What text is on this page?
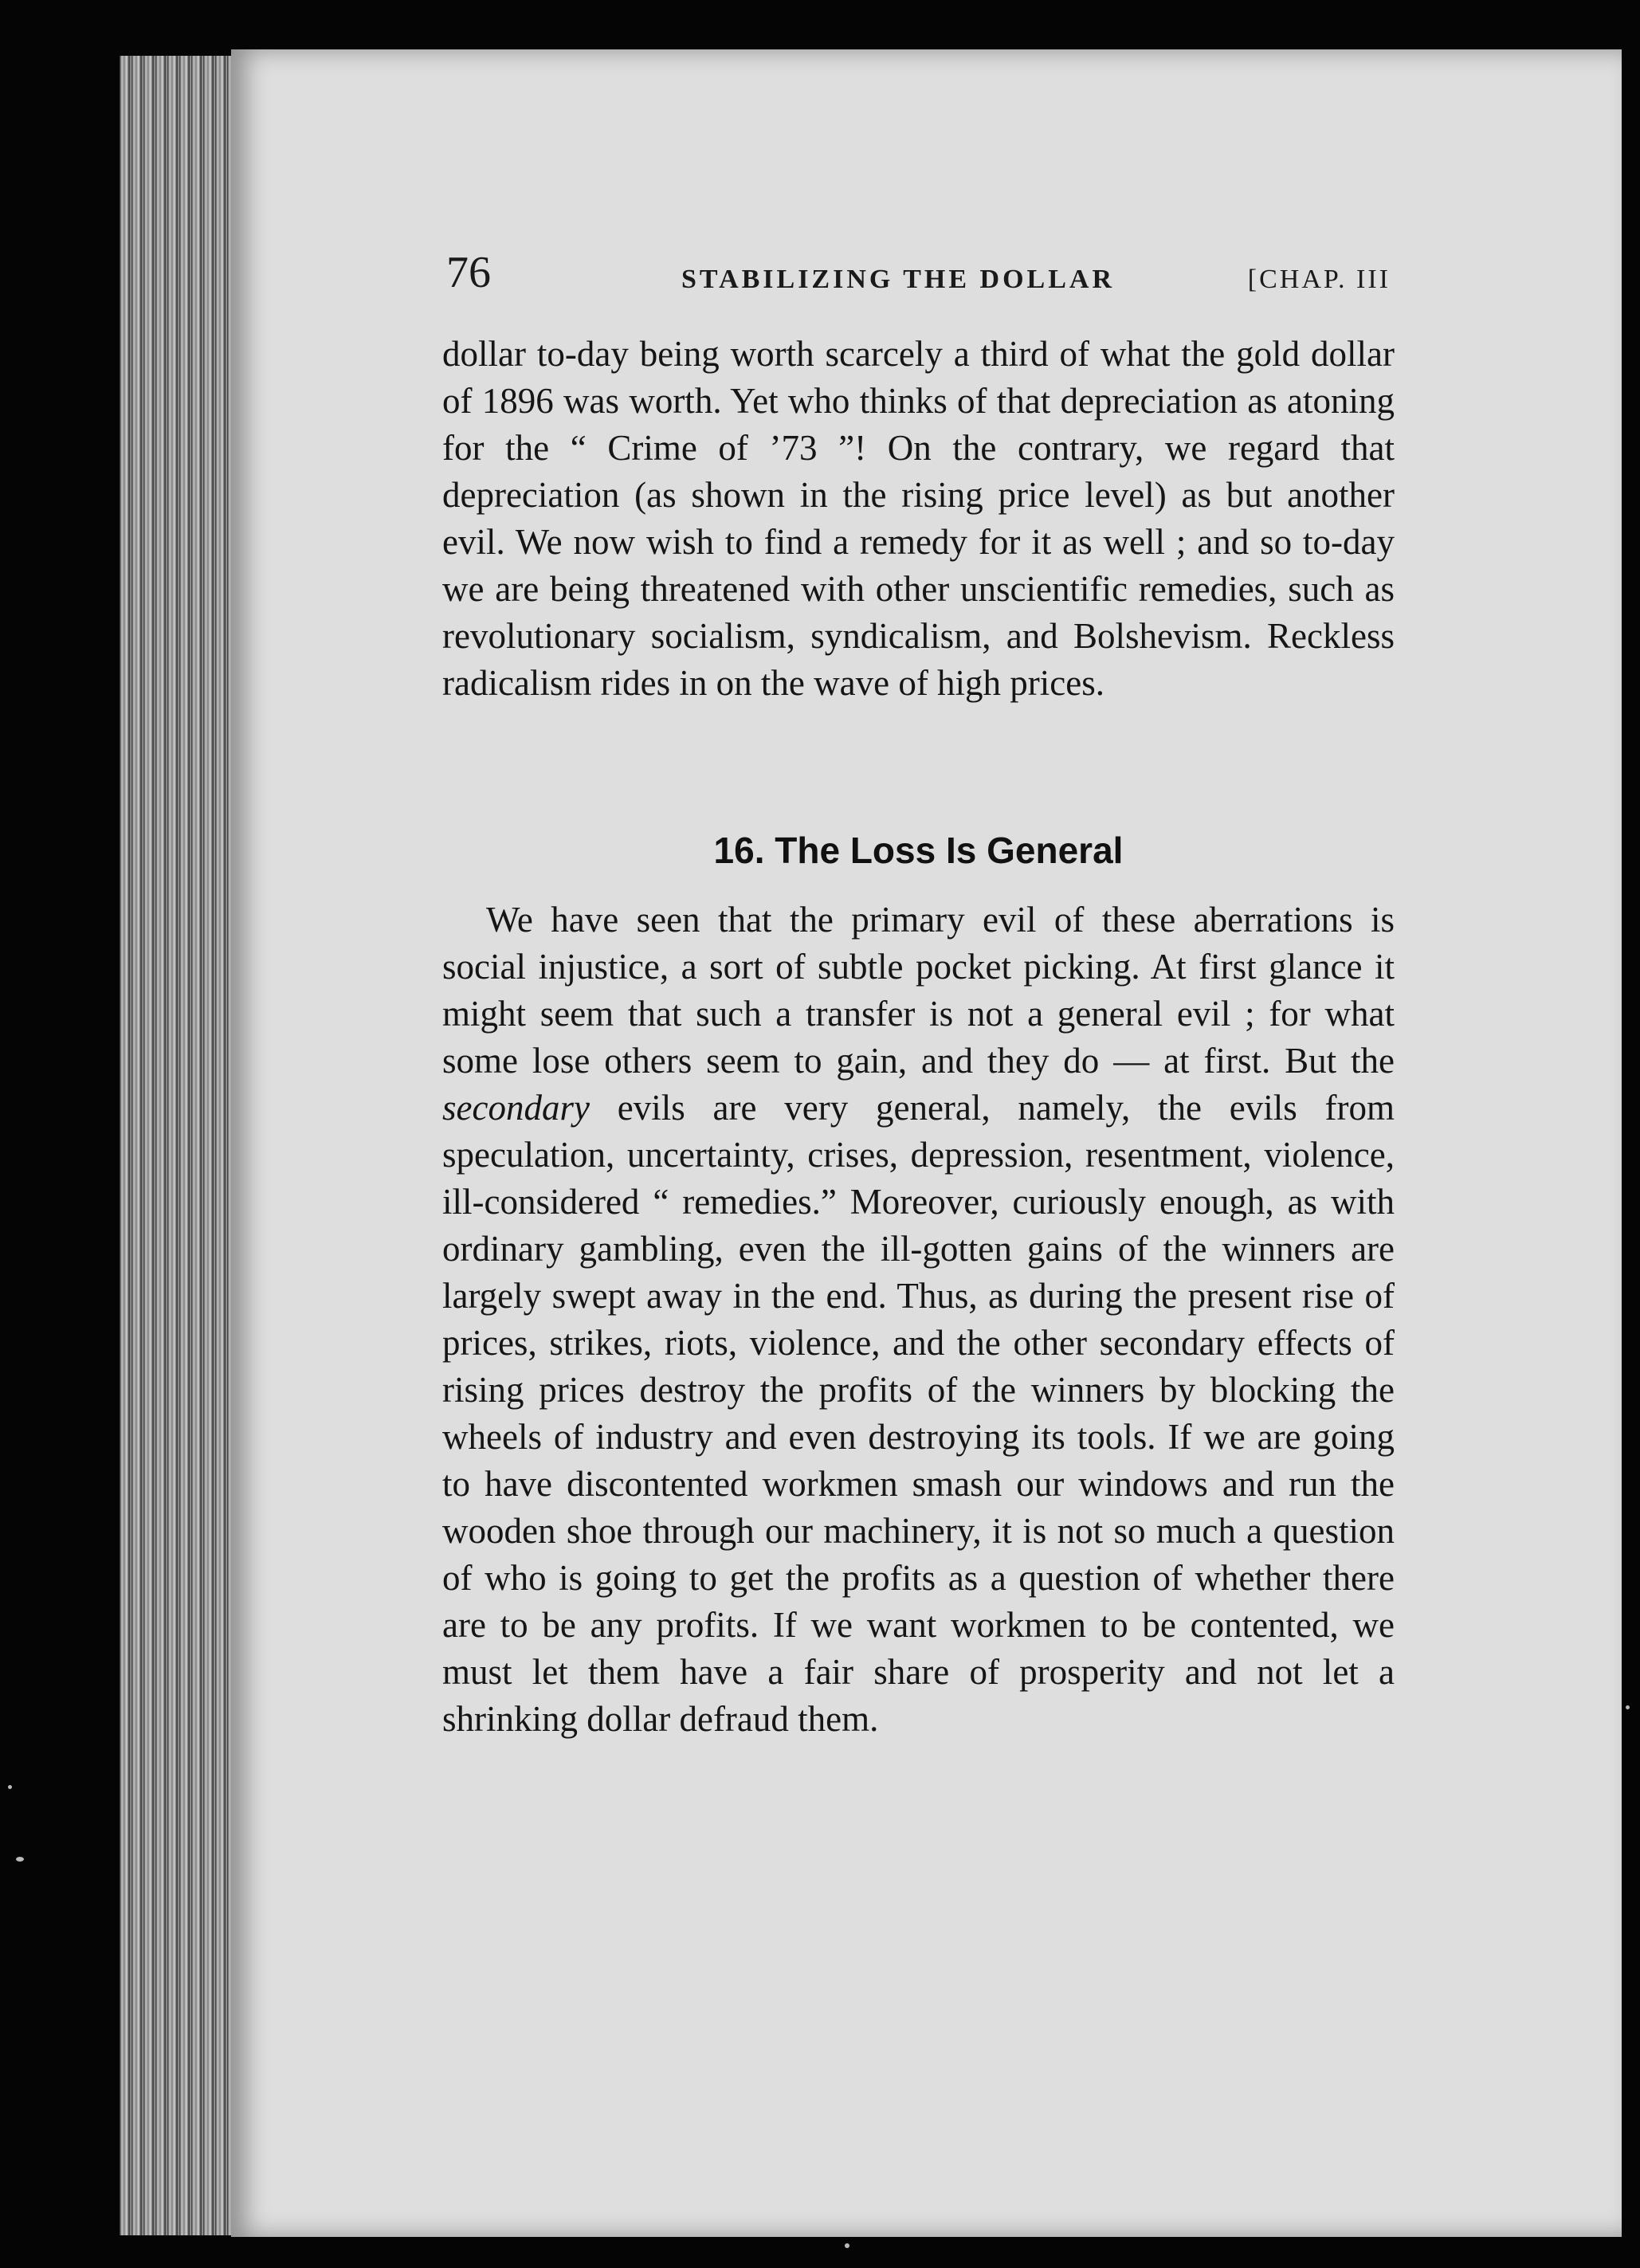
76	STABILIZING THE DOLLAR	[CHAP. III

dollar to-day being worth scarcely a third of what the gold dollar of 1896 was worth. Yet who thinks of that depreciation as atoning for the “ Crime of ’73 ”! On the contrary, we regard that depreciation (as shown in the rising price level) as but another evil. We now wish to find a remedy for it as well ; and so to-day we are being threatened with other unscientific remedies, such as revolutionary socialism, syndicalism, and Bolshevism. Reckless radicalism rides in on the wave of high prices.

16. The Loss Is General

We have seen that the primary evil of these aberrations is social injustice, a sort of subtle pocket picking. At first glance it might seem that such a transfer is not a general evil ; for what some lose others seem to gain, and they do — at first. But the secondary evils are very general, namely, the evils from speculation, uncertainty, crises, depression, resentment, violence, ill-considered “ remedies.” Moreover, curiously enough, as with ordinary gambling, even the ill-gotten gains of the winners are largely swept away in the end. Thus, as during the present rise of prices, strikes, riots, violence, and the other secondary effects of rising prices destroy the profits of the winners by blocking the wheels of industry and even destroying its tools. If we are going to have discontented workmen smash our windows and run the wooden shoe through our machinery, it is not so much a question of who is going to get the profits as a question of whether there are to be any profits. If we want workmen to be contented, we must let them have a fair share of prosperity and not let a shrinking dollar defraud them.
